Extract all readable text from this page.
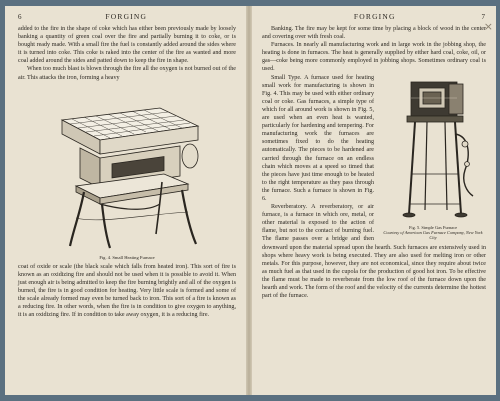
6	FORGING

added to the fire in the shape of coke which has either been previously made by loosely banking a quantity of green coal over the fire and partially burning it to coke, or is bought ready made. With a small fire the fuel is constantly added around the sides where it is turned into coke. This coke is raked into the center of the fire as wanted and more coal added around the sides and patted down to keep the fire in shape.

When too much blast is blown through the fire all the oxygen is not burned out of the air. This attacks the iron, forming a heavy

Fig. 4. Small Heating Furnace

coat of oxide or scale (the black scale which falls from heated iron). This sort of fire is known as an oxidizing fire and should not be used when it is possible to avoid it. When just enough air is being admitted to keep the fire burning brightly and all of the oxygen is burned, the fire is in good condition for heating. Very little scale is formed and some of the scale already formed may even be turned back to iron. This sort of a fire is known as a reducing fire. In other words, when the fire is in condition to give oxygen to anything, it is an oxidizing fire. If in condition to take away oxygen, it is a reducing fire.

×
FORGING	7

Banking. The fire may be kept for some time by placing a block of wood in the center and covering over with fresh coal.

Furnaces. In nearly all manufacturing work and in large work in the jobbing shop, the heating is done in furnaces. The heat is generally supplied by either hard coal, coke, oil, or gas—coke being more commonly employed in jobbing shops. Sometimes ordinary coal is used.

Fig. 5. Simple Gas Furnace
Courtesy of American Gas Furnace Company, New York City

Small Type. A furnace used for heating small work for manufacturing is shown in Fig. 4. This may be used with either ordinary coal or coke. Gas furnaces, a simple type of which for all around work is shown in Fig. 5, are used when an even heat is wanted, particularly for hardening and tempering. For manufacturing work the furnaces are sometimes fixed to do the heating automatically. The pieces to be hardened are carried through the furnace on an endless chain which moves at a speed so timed that the pieces have just time enough to be heated to the right temperature as they pass through the furnace. Such a furnace is shown in Fig. 6.

Reverberatory. A reverberatory, or air furnace, is a furnace in which ore, metal, or other material is exposed to the action of flame, but not to the contact of burning fuel. The flame passes over a bridge and then downward upon the material spread upon the hearth. Such furnaces are extensively used in shops where heavy work is being executed. They are also used for melting iron or other metals. For this purpose, however, they are not economical, since they require about twice as much fuel as that used in the cupola for the production of good hot iron. To be effective the flame must be made to reverberate from the low roof of the furnace down upon the hearth and work. The form of the roof and the velocity of the currents determine the hottest part of the furnace.
